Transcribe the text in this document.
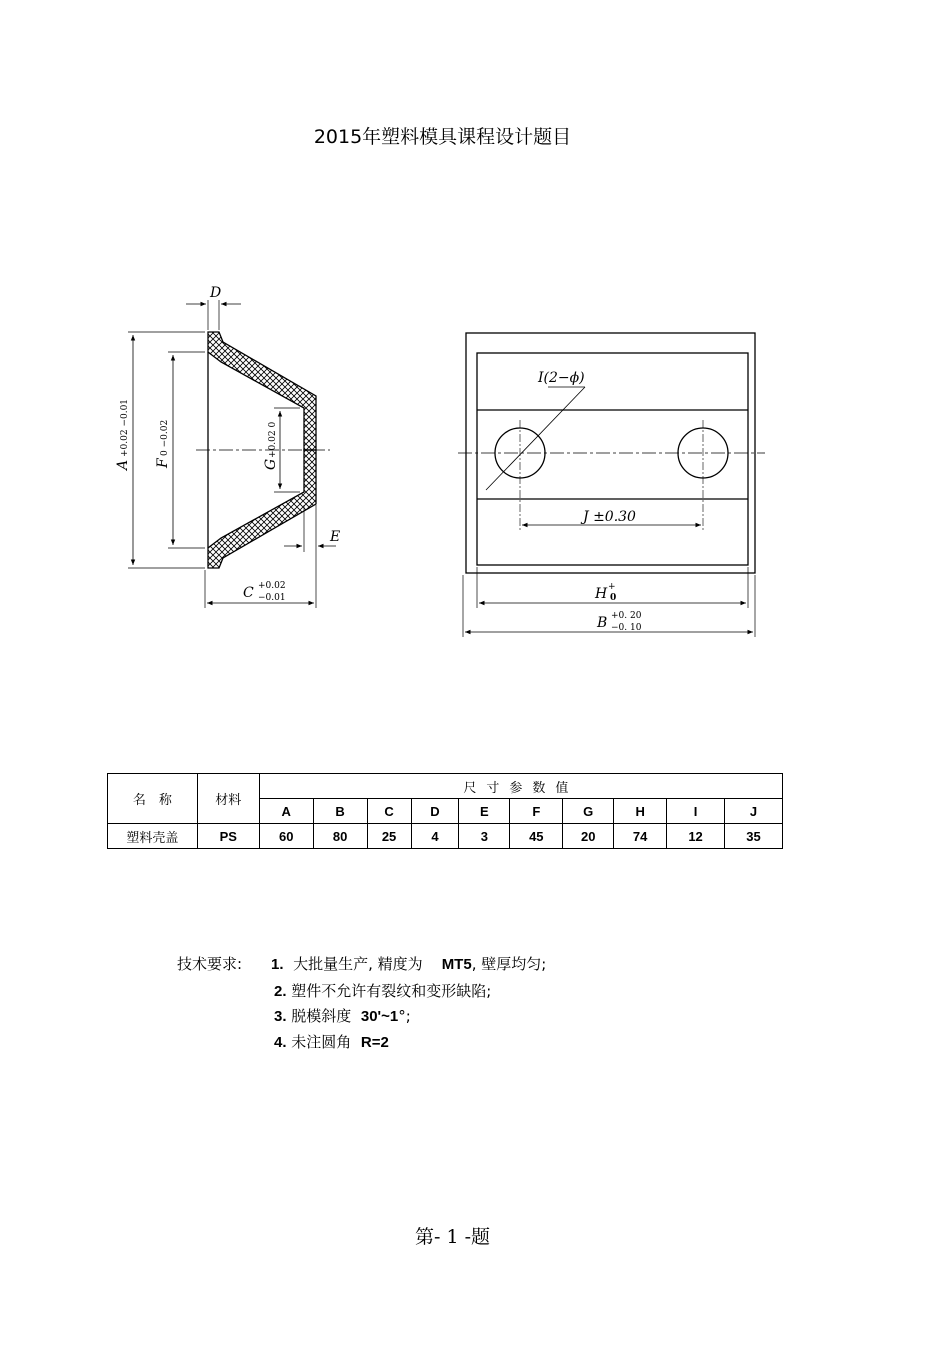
2015年塑料模具课程设计题目
D
E
C +0.02
−0.01
A
+0.02 −0.01
F
0 −0.02
G
+0.02 0
I(2−ϕ)
J ±0.30
H +
0
B +0. 20
−0. 10
名　称	材料	尺寸参数值									
		A	B	C	D	E	F	G	H	I	J
塑料壳盖	PS	60	80	25	4	3	45	20	74	12	35
技术要求: 1. 大批量生产, 精度为 MT5, 壁厚均匀;
2. 塑件不允许有裂纹和变形缺陷;
3. 脱模斜度 30'~1°;
4. 未注圆角 R=2
第- 1 -题
